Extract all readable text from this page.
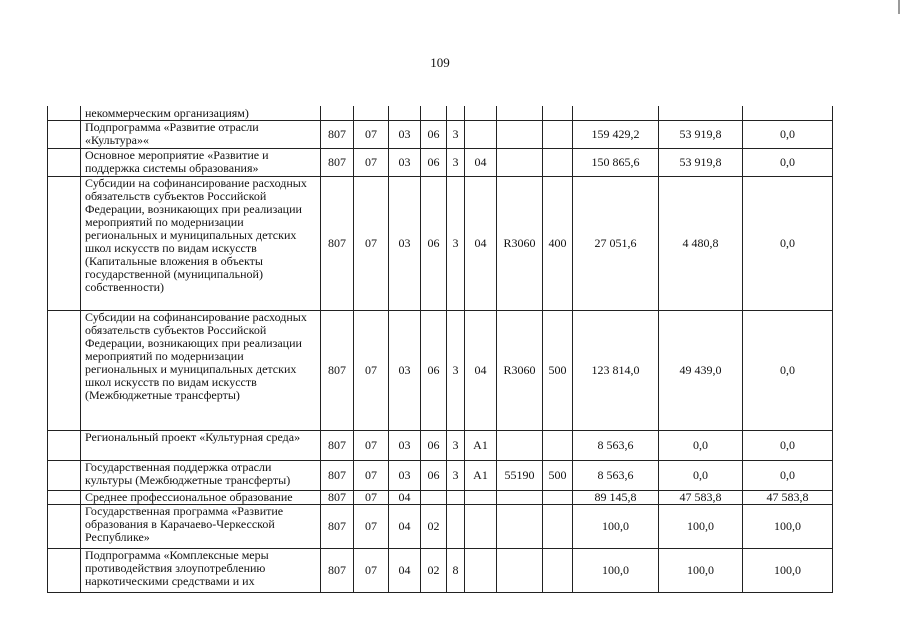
109
	некоммерческим организациям)											
	Подпрограмма «Развитие отрасли «Культура»«	807	07	03	06	3				159 429,2	53 919,8	0,0
	Основное мероприятие «Развитие и поддержка системы образования»	807	07	03	06	3	04			150 865,6	53 919,8	0,0
	Субсидии на софинансирование расходных обязательств субъектов Российской Федерации, возникающих при реализации мероприятий по модернизации региональных и муниципальных детских школ искусств по видам искусств (Капитальные вложения в объекты государственной (муниципальной) собственности)	807	07	03	06	3	04	R3060	400	27 051,6	4 480,8	0,0
	Субсидии на софинансирование расходных обязательств субъектов Российской Федерации, возникающих при реализации мероприятий по модернизации региональных и муниципальных детских школ искусств по видам искусств (Межбюджетные трансферты)	807	07	03	06	3	04	R3060	500	123 814,0	49 439,0	0,0
	Региональный проект «Культурная среда»	807	07	03	06	3	A1			8 563,6	0,0	0,0
	Государственная поддержка отрасли культуры (Межбюджетные трансферты)	807	07	03	06	3	A1	55190	500	8 563,6	0,0	0,0
	Среднее профессиональное образование	807	07	04						89 145,8	47 583,8	47 583,8
	Государственная программа «Развитие образования в Карачаево-Черкесской Республике»	807	07	04	02					100,0	100,0	100,0
	Подпрограмма «Комплексные меры противодействия злоупотреблению наркотическими средствами и их	807	07	04	02	8				100,0	100,0	100,0
